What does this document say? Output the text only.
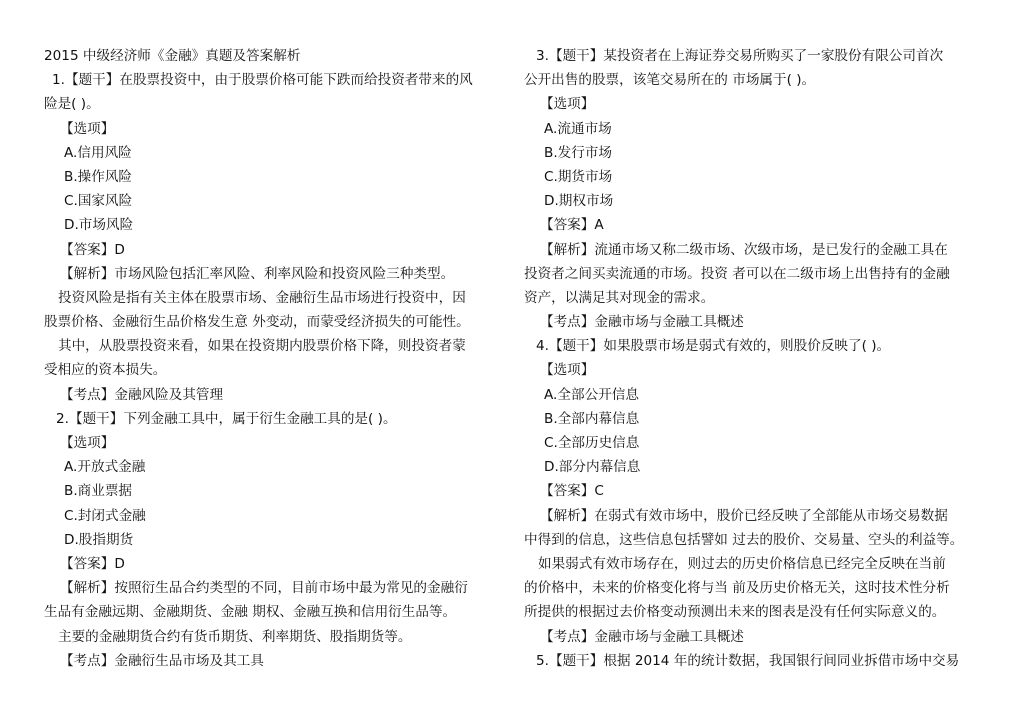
2015 中级经济师《金融》真题及答案解析
1.【题干】在股票投资中，由于股票价格可能下跌而给投资者带来的风
险是( )。
【选项】
A.信用风险
B.操作风险
C.国家风险
D.市场风险
【答案】D
【解析】市场风险包括汇率风险、利率风险和投资风险三种类型。
投资风险是指有关主体在股票市场、金融衍生品市场进行投资中，因
股票价格、金融衍生品价格发生意 外变动，而蒙受经济损失的可能性。
其中，从股票投资来看，如果在投资期内股票价格下降，则投资者蒙
受相应的资本损失。
【考点】金融风险及其管理
2.【题干】下列金融工具中，属于衍生金融工具的是( )。
【选项】
A.开放式金融
B.商业票据
C.封闭式金融
D.股指期货
【答案】D
【解析】按照衍生品合约类型的不同，目前市场中最为常见的金融衍
生品有金融远期、金融期货、金融 期权、金融互换和信用衍生品等。
主要的金融期货合约有货币期货、利率期货、股指期货等。
【考点】金融衍生品市场及其工具
3.【题干】某投资者在上海证券交易所购买了一家股份有限公司首次
公开出售的股票，该笔交易所在的 市场属于( )。
【选项】
A.流通市场
B.发行市场
C.期货市场
D.期权市场
【答案】A
【解析】流通市场又称二级市场、次级市场，是已发行的金融工具在
投资者之间买卖流通的市场。投资 者可以在二级市场上出售持有的金融
资产，以满足其对现金的需求。
【考点】金融市场与金融工具概述
4.【题干】如果股票市场是弱式有效的，则股价反映了( )。
【选项】
A.全部公开信息
B.全部内幕信息
C.全部历史信息
D.部分内幕信息
【答案】C
【解析】在弱式有效市场中，股价已经反映了全部能从市场交易数据
中得到的信息，这些信息包括譬如 过去的股价、交易量、空头的利益等。
如果弱式有效市场存在，则过去的历史价格信息已经完全反映在当前
的价格中，未来的价格变化将与当 前及历史价格无关，这时技术性分析
所提供的根据过去价格变动预测出未来的图表是没有任何实际意义的。
【考点】金融市场与金融工具概述
5.【题干】根据 2014 年的统计数据，我国银行间同业拆借市场中交易
